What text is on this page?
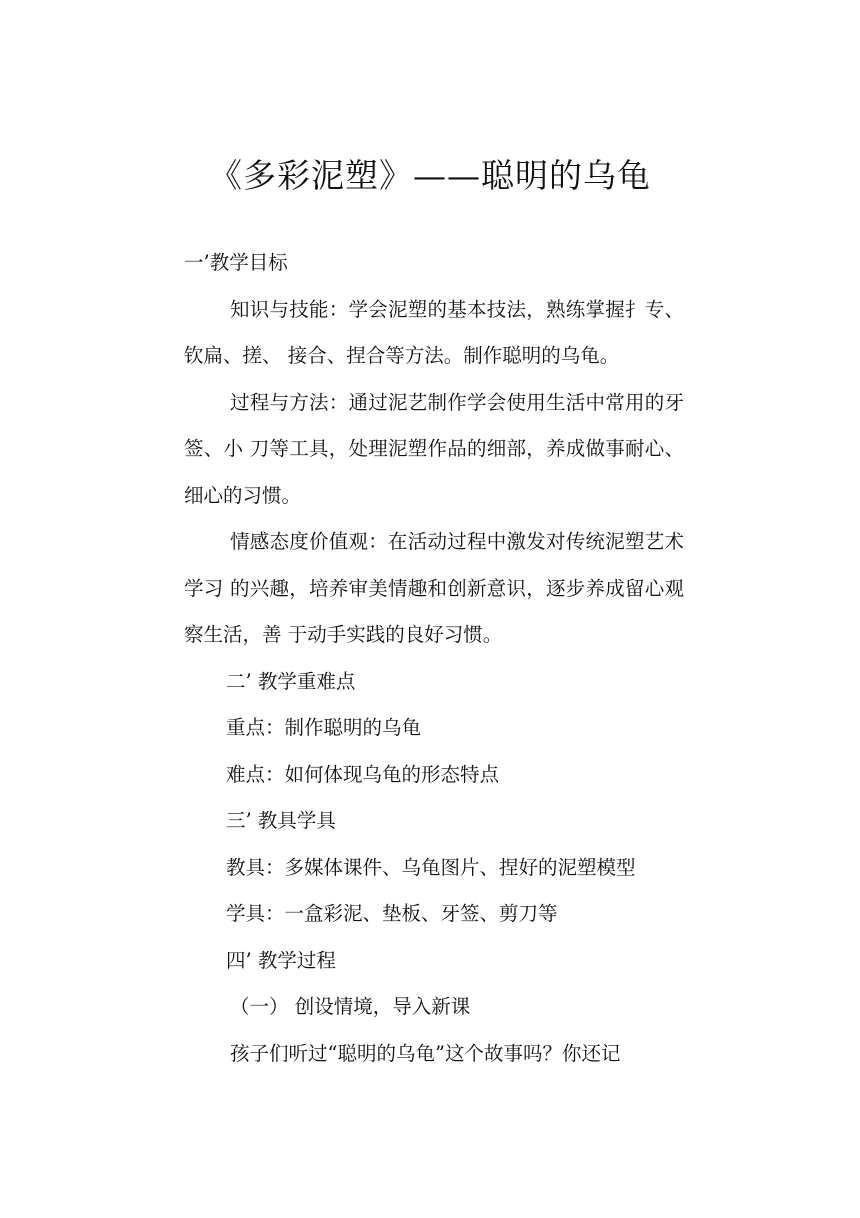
《多彩泥塑》——聪明的乌龟

一’教学目标

知识与技能：学会泥塑的基本技法，熟练掌握扌专、钦扁、搓、 接合、捏合等方法。制作聪明的乌龟。

过程与方法：通过泥艺制作学会使用生活中常用的牙签、小 刀等工具，处理泥塑作品的细部，养成做事耐心、细心的习惯。

情感态度价值观：在活动过程中激发对传统泥塑艺术学习 的兴趣，培养审美情趣和创新意识，逐步养成留心观察生活，善 于动手实践的良好习惯。

二’ 教学重难点

重点：制作聪明的乌龟

难点：如何体现乌龟的形态特点

三’ 教具学具

教具：多媒体课件、乌龟图片、捏好的泥塑模型

学具：一盒彩泥、垫板、牙签、剪刀等

四’ 教学过程

（一） 创设情境，导入新课

孩子们听过“聪明的乌龟”这个故事吗？你还记
